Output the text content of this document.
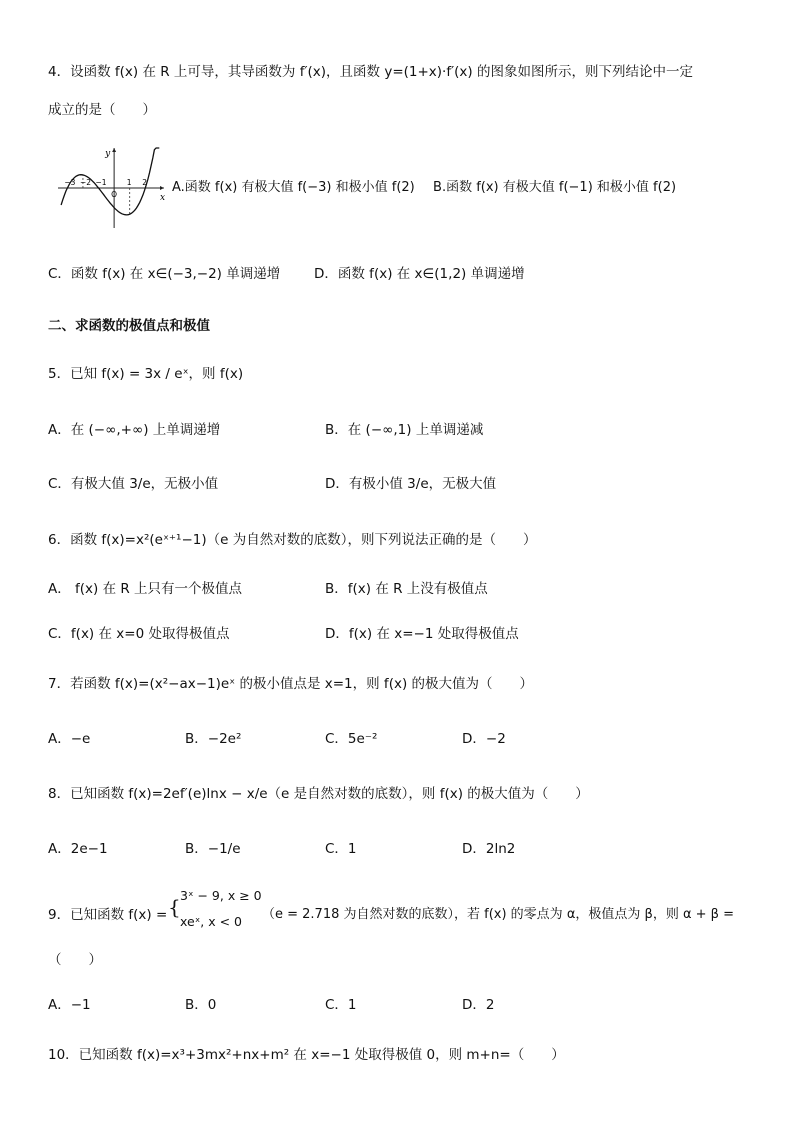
4．设函数 f(x) 在 R 上可导，其导函数为 f′(x)，且函数 y=(1+x)·f′(x) 的图象如图所示，则下列结论中一定
成立的是（　　）
x
y
−3 −2 −1
O
1 2 A.函数 f(x) 有极大值 f(−3) 和极小值 f(2) B.函数 f(x) 有极大值 f(−1) 和极小值 f(2)
C．函数 f(x) 在 x∈(−3,−2) 单调递增	D．函数 f(x) 在 x∈(1,2) 单调递增
二、求函数的极值点和极值
5．已知 f(x) = 3x / eˣ，则 f(x)
A．在 (−∞,+∞) 上单调递增	B．在 (−∞,1) 上单调递减
C．有极大值 3/e，无极小值	D．有极小值 3/e，无极大值
6．函数 f(x)=x²(eˣ⁺¹−1)（e 为自然对数的底数），则下列说法正确的是（　　）
A． f(x) 在 R 上只有一个极值点	B．f(x) 在 R 上没有极值点
C．f(x) 在 x=0 处取得极值点	D．f(x) 在 x=−1 处取得极值点
7．若函数 f(x)=(x²−ax−1)eˣ 的极小值点是 x=1，则 f(x) 的极大值为（　　）
A．−e	B．−2e²	C．5e⁻²	D．−2
8．已知函数 f(x)=2ef′(e)lnx − x/e（e 是自然对数的底数），则 f(x) 的极大值为（　　）
A．2e−1	B．−1/e	C．1	D．2ln2
9．已知函数 f(x) = { 3ˣ − 9, x ≥ 0
xeˣ, x < 0 （e = 2.718 为自然对数的底数），若 f(x) 的零点为 α，极值点为 β，则 α + β =
（　　）
A．−1	B．0	C．1	D．2
10．已知函数 f(x)=x³+3mx²+nx+m² 在 x=−1 处取得极值 0，则 m+n=（　　）
